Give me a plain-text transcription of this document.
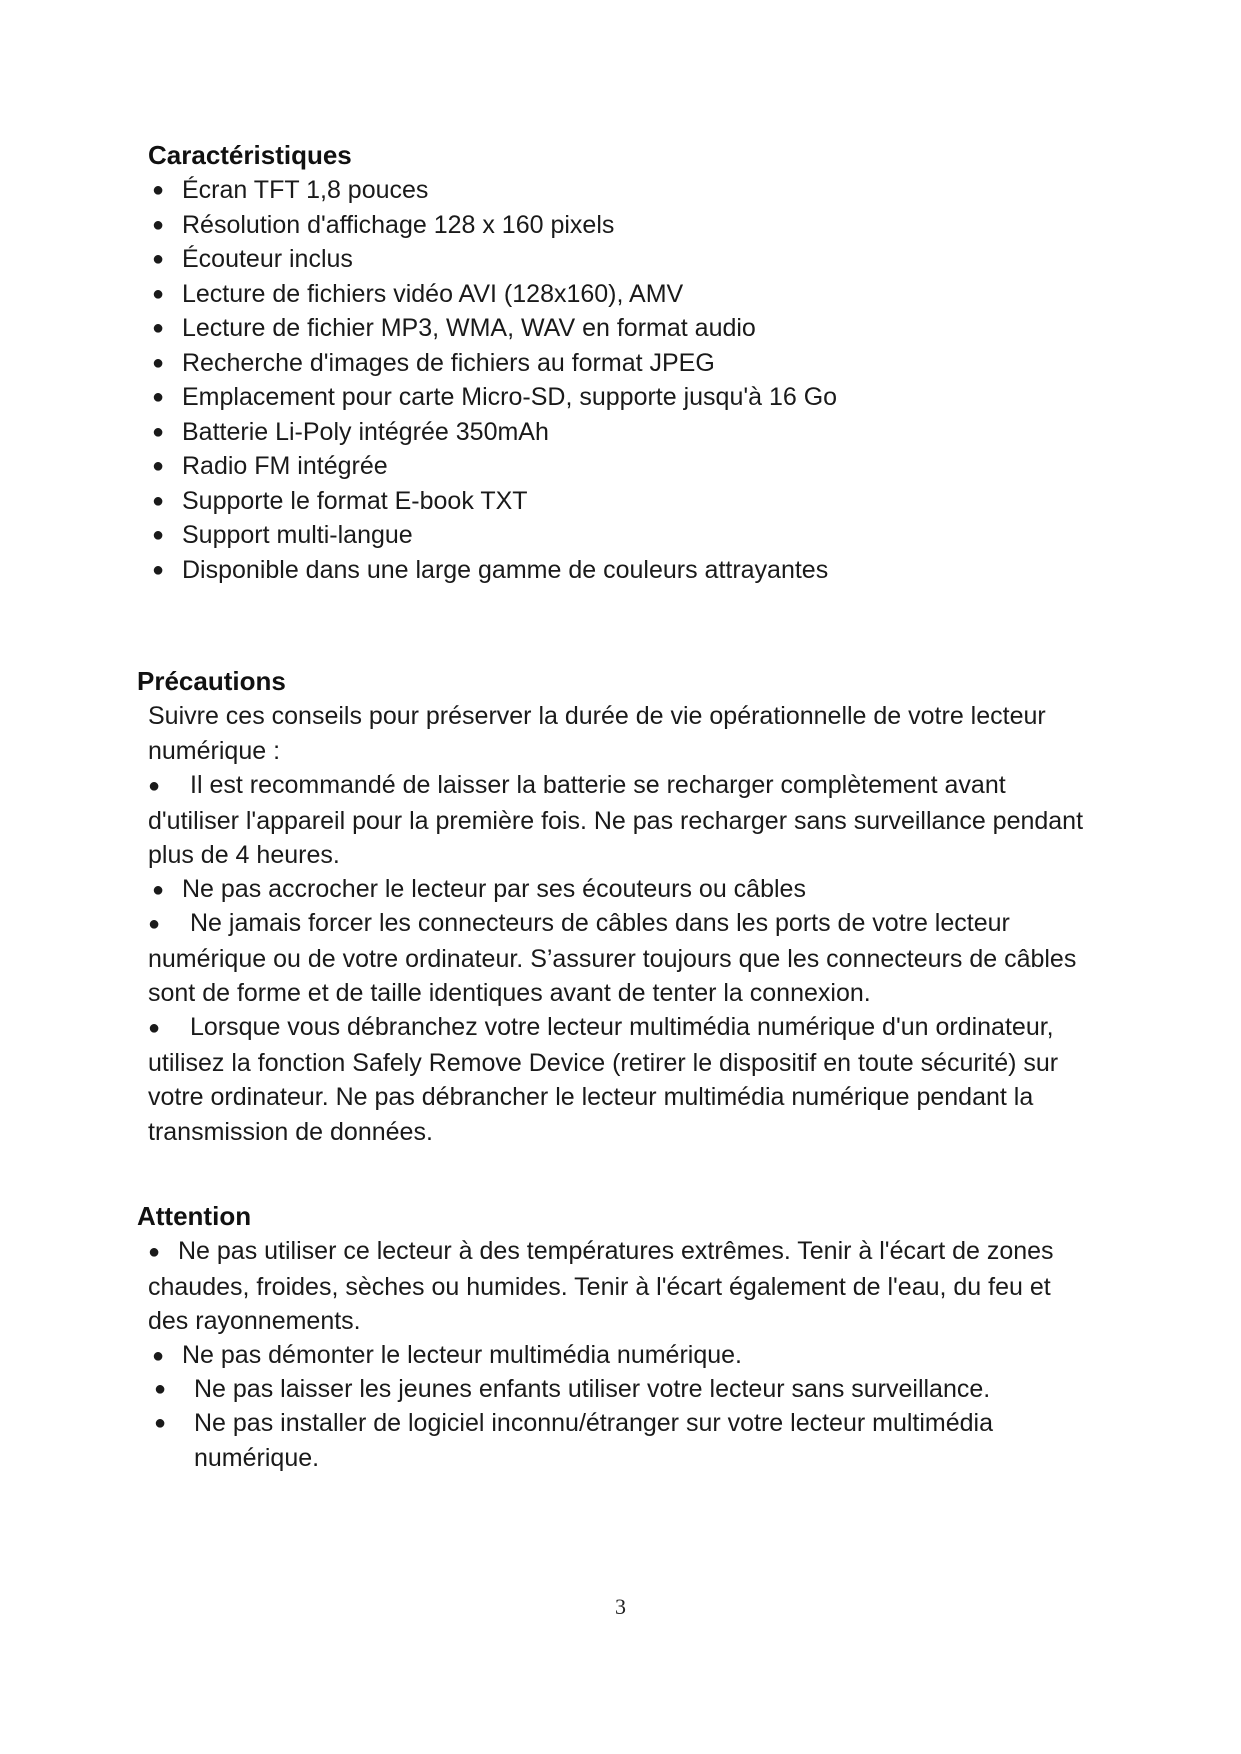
Caractéristiques
● Écran TFT 1,8 pouces
● Résolution d'affichage 128 x 160 pixels
● Écouteur inclus
● Lecture de fichiers vidéo AVI (128x160), AMV
● Lecture de fichier MP3, WMA, WAV en format audio
● Recherche d'images de fichiers au format JPEG
● Emplacement pour carte Micro-SD, supporte jusqu'à 16 Go
● Batterie Li-Poly intégrée 350mAh
● Radio FM intégrée
● Supporte le format E-book TXT
● Support multi-langue
● Disponible dans une large gamme de couleurs attrayantes
Précautions

Suivre ces conseils pour préserver la durée de vie opérationnelle de votre lecteur numérique :

● Il est recommandé de laisser la batterie se recharger complètement avant d'utiliser l'appareil pour la première fois. Ne pas recharger sans surveillance pendant plus de 4 heures.

● Ne pas accrocher le lecteur par ses écouteurs ou câbles

● Ne jamais forcer les connecteurs de câbles dans les ports de votre lecteur numérique ou de votre ordinateur. S’assurer toujours que les connecteurs de câbles sont de forme et de taille identiques avant de tenter la connexion.

● Lorsque vous débranchez votre lecteur multimédia numérique d'un ordinateur, utilisez la fonction Safely Remove Device (retirer le dispositif en toute sécurité) sur votre ordinateur. Ne pas débrancher le lecteur multimédia numérique pendant la transmission de données.

Attention

● Ne pas utiliser ce lecteur à des températures extrêmes. Tenir à l'écart de zones chaudes, froides, sèches ou humides. Tenir à l'écart également de l'eau, du feu et des rayonnements.

● Ne pas démonter le lecteur multimédia numérique.

● Ne pas laisser les jeunes enfants utiliser votre lecteur sans surveillance.
● Ne pas installer de logiciel inconnu/étranger sur votre lecteur multimédia numérique.
3
